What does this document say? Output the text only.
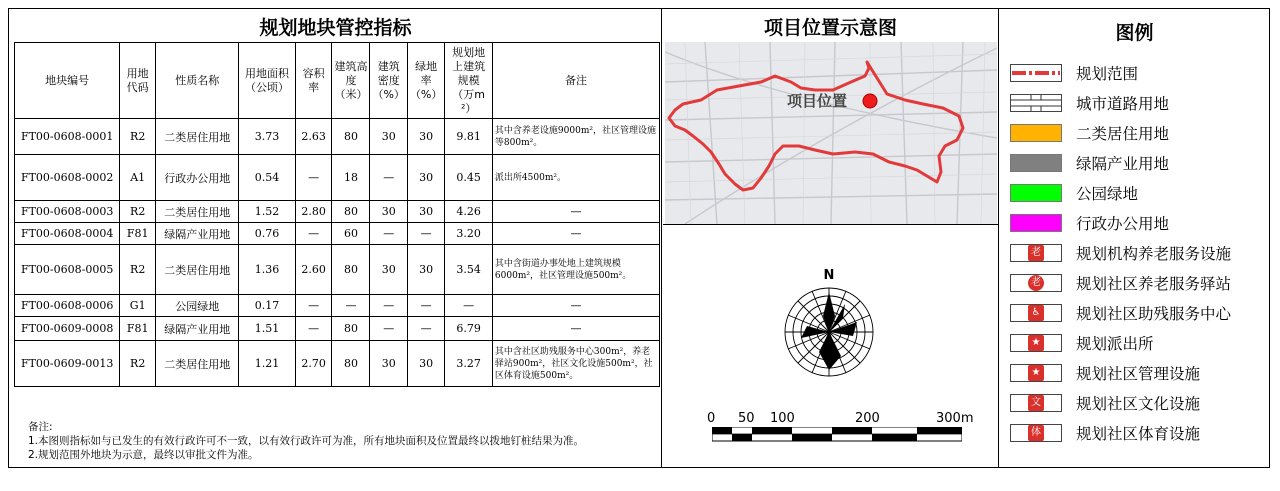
规划地块管控指标
地块编号	用地代码	性质名称	用地面积（公顷）	容积率	建筑高度（米）	建筑密度（%）	绿地率（%）	规划地上建筑规模（万m²）	备注
FT00-0608-0001	R2	二类居住用地	3.73	2.63	80	30	30	9.81	其中含养老设施9000m²，社区管理设施等800m²。
FT00-0608-0002	A1	行政办公用地	0.54	—	18	—	30	0.45	派出所4500m²。
FT00-0608-0003	R2	二类居住用地	1.52	2.80	80	30	30	4.26	—
FT00-0608-0004	F81	绿隔产业用地	0.76	—	60	—	—	3.20	—
FT00-0608-0005	R2	二类居住用地	1.36	2.60	80	30	30	3.54	其中含街道办事处地上建筑规模6000m²，社区管理设施500m²。
FT00-0608-0006	G1	公园绿地	0.17	—	—	—	—	—	—
FT00-0609-0008	F81	绿隔产业用地	1.51	—	80	—	—	6.79	—
FT00-0609-0013	R2	二类居住用地	1.21	2.70	80	30	30	3.27	其中含社区助残服务中心300m²，养老驿站900m²，社区文化设施500m²，社区体育设施500m²。
备注:
1.本图则指标如与已发生的有效行政许可不一致，以有效行政许可为准，所有地块面积及位置最终以拨地钉桩结果为准。
2.规划范围外地块为示意，最终以审批文件为准。
项目位置示意图
项目位置
N
0 50 100	200	300m
图例
规划范围
城市道路用地
二类居住用地
绿隔产业用地
公园绿地
行政办公用地
老 规划机构养老服务设施
老 规划社区养老服务驿站
♿ 规划社区助残服务中心
★ 规划派出所
★ 规划社区管理设施
文 规划社区文化设施
体 规划社区体育设施
